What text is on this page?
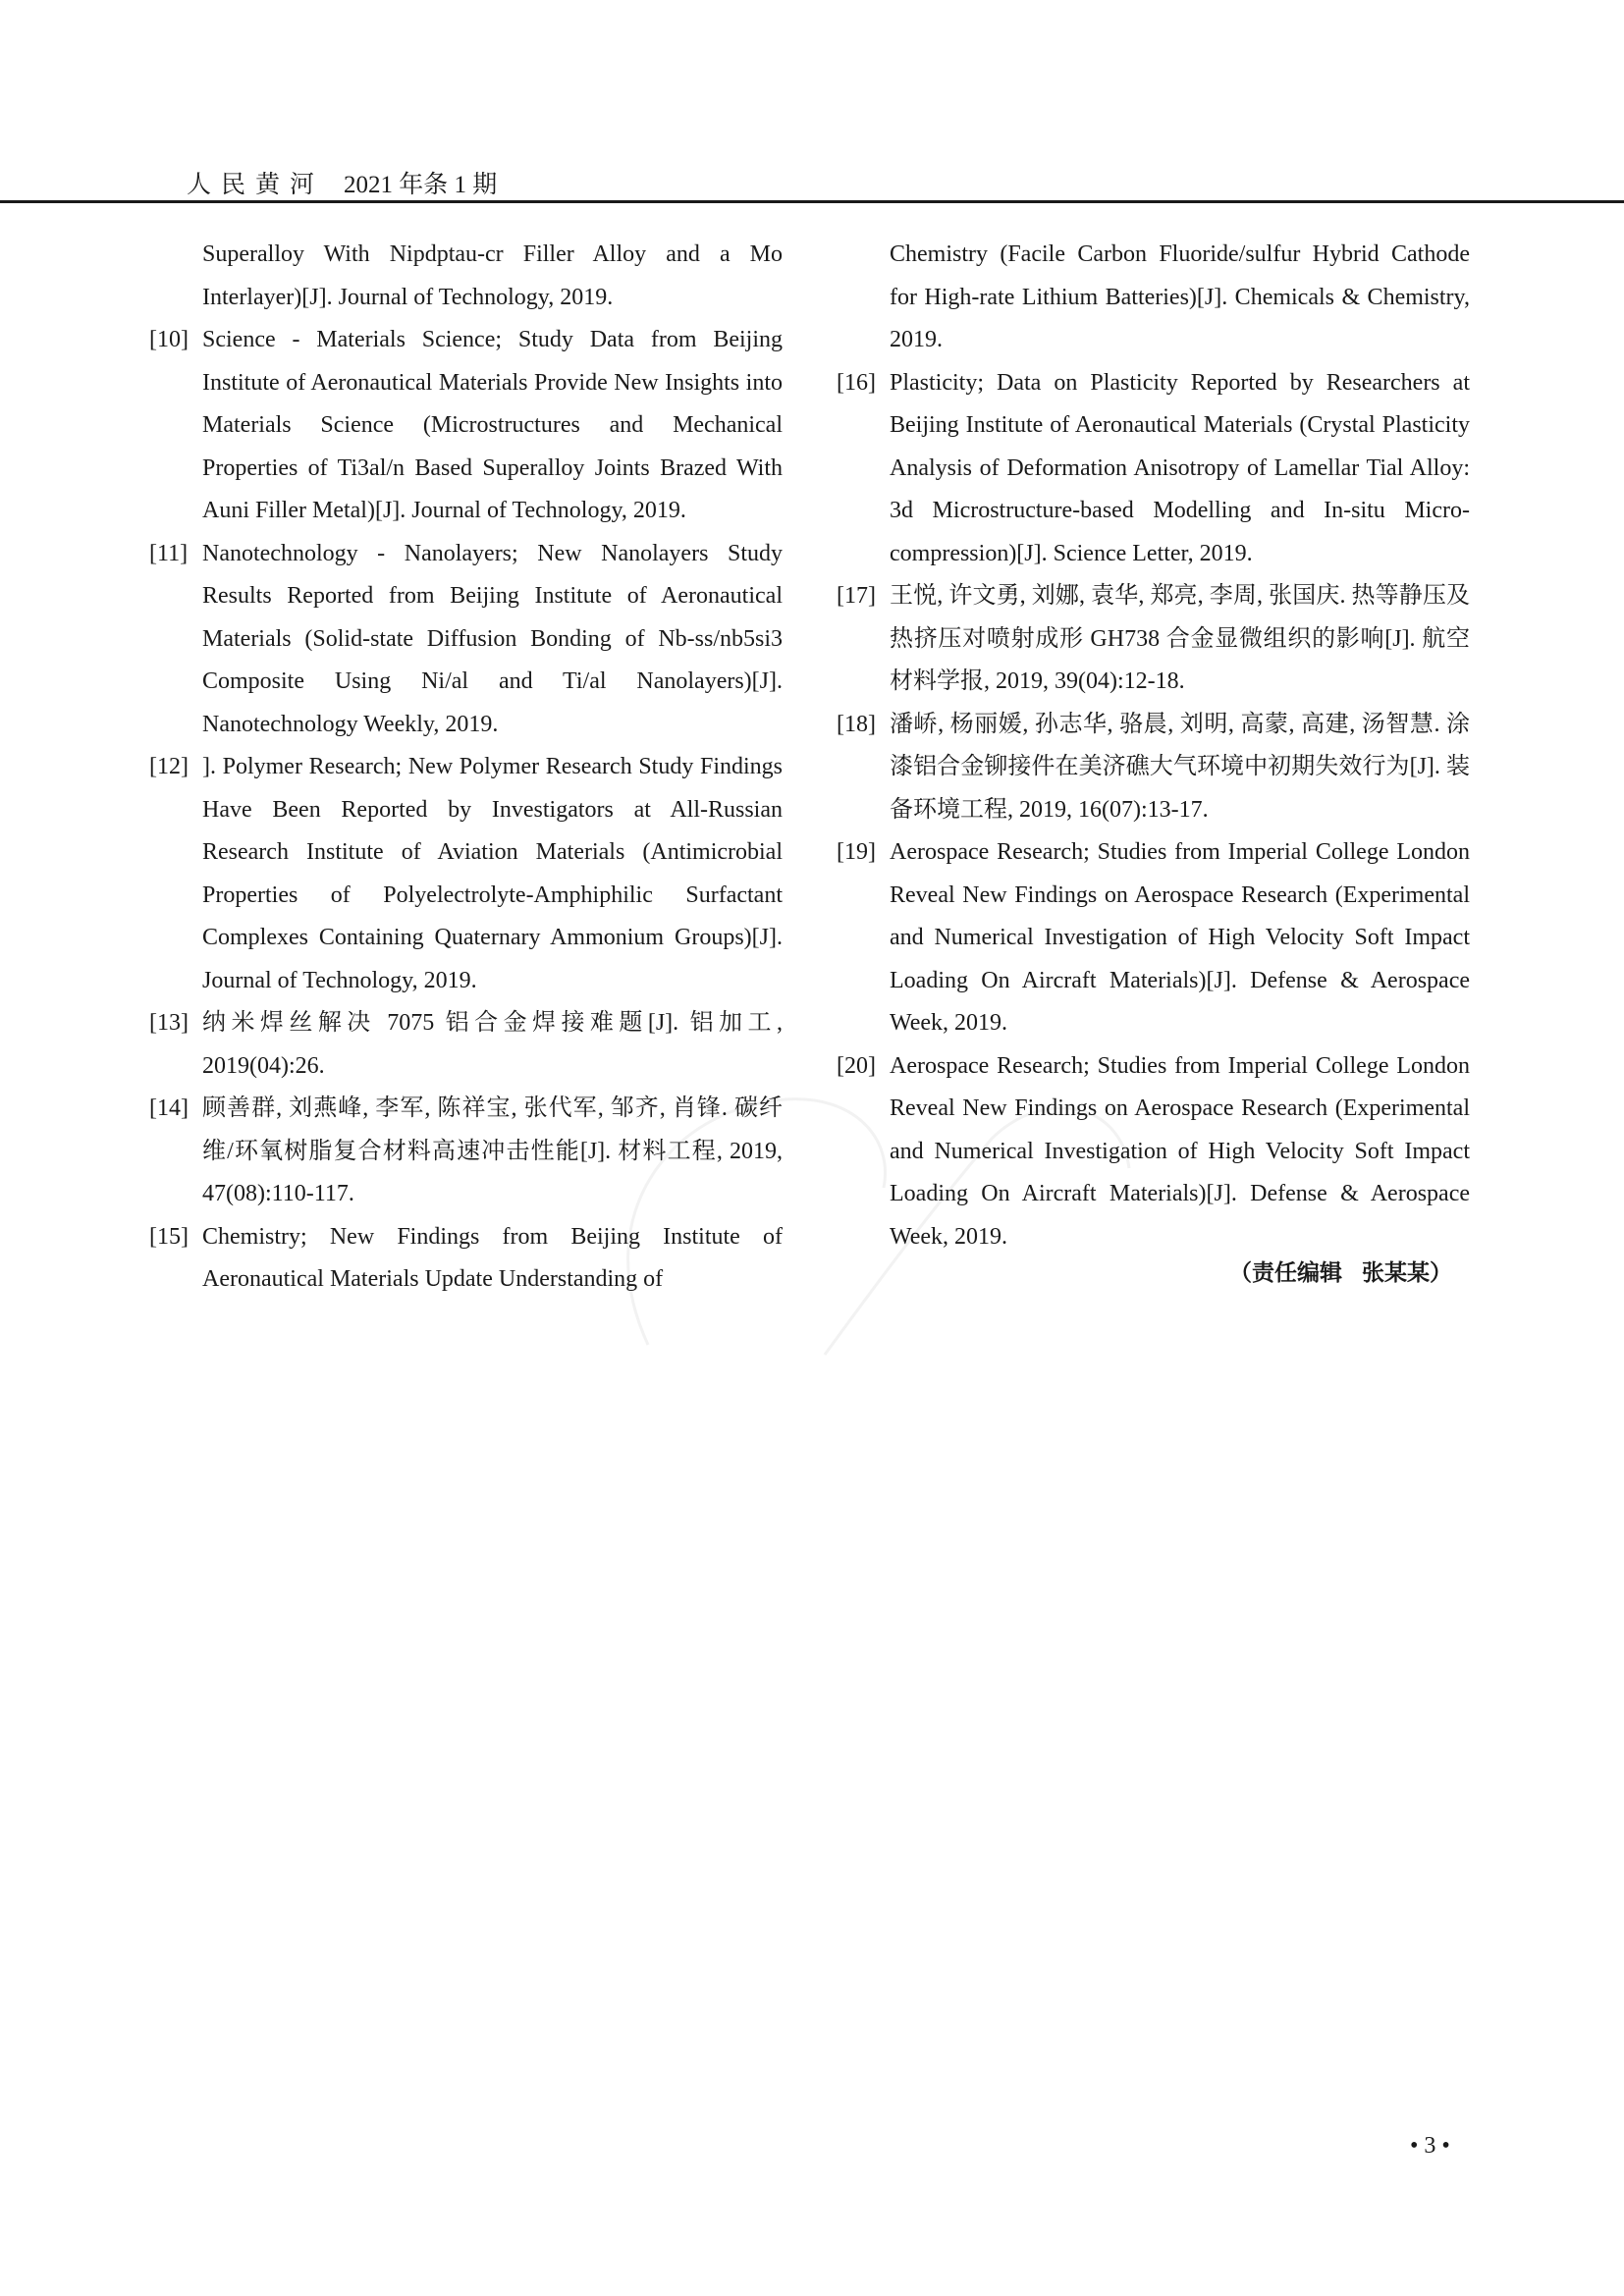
人民黄河 2021 年条 1 期

Superalloy With Nipdptau-cr Filler Alloy and a Mo Interlayer)[J]. Journal of Technology, 2019.

[10] Science - Materials Science; Study Data from Beijing Institute of Aeronautical Materials Provide New Insights into Materials Science (Microstructures and Mechanical Properties of Ti3al/n Based Superalloy Joints Brazed With Auni Filler Metal)[J]. Journal of Technology, 2019.
[11] Nanotechnology - Nanolayers; New Nanolayers Study Results Reported from Beijing Institute of Aeronautical Materials (Solid-state Diffusion Bonding of Nb-ss/nb5si3 Composite Using Ni/al and Ti/al Nanolayers)[J]. Nanotechnology Weekly, 2019.
[12] ]. Polymer Research; New Polymer Research Study Findings Have Been Reported by Investigators at All-Russian Research Institute of Aviation Materials (Antimicrobial Properties of Polyelectrolyte-Amphiphilic Surfactant Complexes Containing Quaternary Ammonium Groups)[J]. Journal of Technology, 2019.
[13] 纳米焊丝解决 7075 铝合金焊接难题[J]. 铝加工, 2019(04):26.
[14] 顾善群, 刘燕峰, 李军, 陈祥宝, 张代军, 邹齐, 肖锋. 碳纤维/环氧树脂复合材料高速冲击性能[J]. 材料工程, 2019, 47(08):110-117.
[15] Chemistry; New Findings from Beijing Institute of Aeronautical Materials Update Understanding of

Chemistry (Facile Carbon Fluoride/sulfur Hybrid Cathode for High-rate Lithium Batteries)[J]. Chemicals & Chemistry, 2019.

[16] Plasticity; Data on Plasticity Reported by Researchers at Beijing Institute of Aeronautical Materials (Crystal Plasticity Analysis of Deformation Anisotropy of Lamellar Tial Alloy: 3d Microstructure-based Modelling and In-situ Micro-compression)[J]. Science Letter, 2019.
[17] 王悦, 许文勇, 刘娜, 袁华, 郑亮, 李周, 张国庆. 热等静压及热挤压对喷射成形 GH738 合金显微组织的影响[J]. 航空材料学报, 2019, 39(04):12-18.
[18] 潘峤, 杨丽媛, 孙志华, 骆晨, 刘明, 高蒙, 高建, 汤智慧. 涂漆铝合金铆接件在美济礁大气环境中初期失效行为[J]. 装备环境工程, 2019, 16(07):13-17.
[19] Aerospace Research; Studies from Imperial College London Reveal New Findings on Aerospace Research (Experimental and Numerical Investigation of High Velocity Soft Impact Loading On Aircraft Materials)[J]. Defense & Aerospace Week, 2019.
[20] Aerospace Research; Studies from Imperial College London Reveal New Findings on Aerospace Research (Experimental and Numerical Investigation of High Velocity Soft Impact Loading On Aircraft Materials)[J]. Defense & Aerospace Week, 2019.
（责任编辑 张某某）
• 3 •
